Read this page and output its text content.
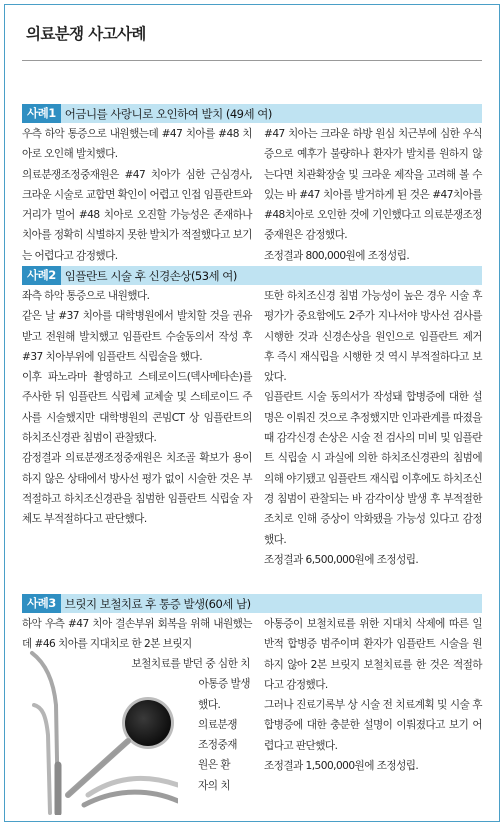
의료분쟁 사고사례
사례1 어금니를 사랑니로 오인하여 발치 (49세 여)

우측 하악 통증으로 내원했는데 #47 치아를 #48 치아로 오인해 발치했다.

의료분쟁조정중재원은 #47 치아가 심한 근심경사, 크라운 시술로 교합면 확인이 어렵고 인접 임플란트와 거리가 멀어 #48 치아로 오진할 가능성은 존재하나 치아를 정확히 식별하지 못한 발치가 적절했다고 보기는 어렵다고 감정했다.

#47 치아는 크라운 하방 원심 치근부에 심한 우식증으로 예후가 불량하나 환자가 발치를 원하지 않는다면 치관확장술 및 크라운 제작을 고려해 볼 수 있는 바 #47 치아를 발거하게 된 것은 #47치아를 #48치아로 오인한 것에 기인했다고 의료분쟁조정중재원은 감정했다.

조정결과 800,000원에 조정성립.

사례2 임플란트 시술 후 신경손상(53세 여)

좌측 하악 통증으로 내원했다.

같은 날 #37 치아를 대학병원에서 발치할 것을 권유받고 전원해 발치했고 임플란트 수술동의서 작성 후 #37 치아부위에 임플란트 식립술을 했다.

이후 파노라마 촬영하고 스테로이드(덱사메타손)를 주사한 뒤 임플란트 식립체 교체술 및 스테로이드 주사를 시술했지만 대학병원의 콘빔CT 상 임플란트의 하치조신경관 침범이 관찰됐다.

감정결과 의료분쟁조정중재원은 치조골 확보가 용이하지 않은 상태에서 방사선 평가 없이 시술한 것은 부적절하고 하치조신경관을 침범한 임플란트 식립술 자체도 부적절하다고 판단했다.

또한 하치조신경 침범 가능성이 높은 경우 시술 후 평가가 중요함에도 2주가 지나서야 방사선 검사를 시행한 것과 신경손상을 원인으로 임플란트 제거 후 즉시 재식립을 시행한 것 역시 부적절하다고 보았다.

임플란트 시술 동의서가 작성돼 합병증에 대한 설명은 이뤄진 것으로 추정했지만 인과관계를 따졌을 때 감각신경 손상은 시술 전 검사의 미비 및 임플란트 식립술 시 과실에 의한 하치조신경관의 침범에 의해 야기됐고 임플란트 재식립 이후에도 하치조신경 침범이 관찰되는 바 감각이상 발생 후 부적절한 조치로 인해 증상이 악화됐을 가능성 있다고 감정했다.

조정결과 6,500,000원에 조정성립.

사례3 브릿지 보철치료 후 통증 발생(60세 남)

하악 우측 #47 치아 결손부위 회복을 위해 내원했는데 #46 치아를 지대치로 한 2본 브릿지

보철치료를 받던 중 심한 치
아통증 발생
했다.
의료분쟁
조정중재
원은 환
자의 치

아통증이 보철치료를 위한 지대치 삭제에 따른 일반적 합병증 범주이며 환자가 임플란트 시술을 원하지 않아 2본 브릿지 보철치료를 한 것은 적절하다고 감정했다.

그러나 진료기록부 상 시술 전 치료계획 및 시술 후 합병증에 대한 충분한 설명이 이뤄졌다고 보기 어렵다고 판단했다.

조정결과 1,500,000원에 조정성립.
